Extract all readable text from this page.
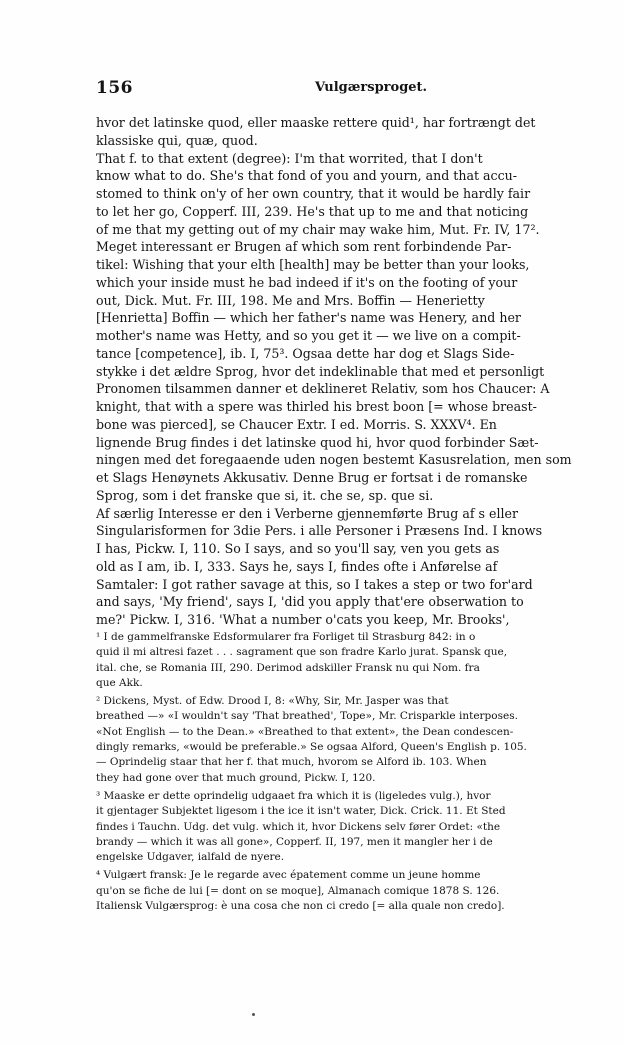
156	Vulgærsproget.
hvor det latinske quod, eller maaske rettere quid¹, har fortrængt det
klassiske qui, quæ, quod.
That f. to that extent (degree): I'm that worrited, that I don't
know what to do. She's that fond of you and yourn, and that accu-
stomed to think on'y of her own country, that it would be hardly fair
to let her go, Copperf. III, 239. He's that up to me and that noticing
of me that my getting out of my chair may wake him, Mut. Fr. IV, 17².
Meget interessant er Brugen af which som rent forbindende Par-
tikel: Wishing that your elth [health] may be better than your looks,
which your inside must he bad indeed if it's on the footing of your
out, Dick. Mut. Fr. III, 198. Me and Mrs. Boffin — Henerietty
[Henrietta] Boffin — which her father's name was Henery, and her
mother's name was Hetty, and so you get it — we live on a compit-
tance [competence], ib. I, 75³. Ogsaa dette har dog et Slags Side-
stykke i det ældre Sprog, hvor det indeklinable that med et personligt
Pronomen tilsammen danner et deklineret Relativ, som hos Chaucer: A
knight, that with a spere was thirled his brest boon [= whose breast-
bone was pierced], se Chaucer Extr. I ed. Morris. S. XXXV⁴. En
lignende Brug findes i det latinske quod hi, hvor quod forbinder Sæt-
ningen med det foregaaende uden nogen bestemt Kasusrelation, men som
et Slags Henøynets Akkusativ. Denne Brug er fortsat i de romanske
Sprog, som i det franske que si, it. che se, sp. que si.
Af særlig Interesse er den i Verberne gjennemførte Brug af s eller
Singularisformen for 3die Pers. i alle Personer i Præsens Ind. I knows
I has, Pickw. I, 110. So I says, and so you'll say, ven you gets as
old as I am, ib. I, 333. Says he, says I, findes ofte i Anførelse af
Samtaler: I got rather savage at this, so I takes a step or two for'ard
and says, 'My friend', says I, 'did you apply that'ere obserwation to
me?' Pickw. I, 316. 'What a number o'cats you keep, Mr. Brooks',
¹ I de gammelfranske Edsformularer fra Forliget til Strasburg 842: in o
quid il mi altresi fazet . . . sagrament que son fradre Karlo jurat. Spansk que,
ital. che, se Romania III, 290. Derimod adskiller Fransk nu qui Nom. fra
que Akk.
² Dickens, Myst. of Edw. Drood I, 8: «Why, Sir, Mr. Jasper was that
breathed —» «I wouldn't say 'That breathed', Tope», Mr. Crisparkle interposes.
«Not English — to the Dean.» «Breathed to that extent», the Dean condescen-
dingly remarks, «would be preferable.» Se ogsaa Alford, Queen's English p. 105.
— Oprindelig staar that her f. that much, hvorom se Alford ib. 103. When
they had gone over that much ground, Pickw. I, 120.
³ Maaske er dette oprindelig udgaaet fra which it is (ligeledes vulg.), hvor
it gjentager Subjektet ligesom i the ice it isn't water, Dick. Crick. 11. Et Sted
findes i Tauchn. Udg. det vulg. which it, hvor Dickens selv fører Ordet: «the
brandy — which it was all gone», Copperf. II, 197, men it mangler her i de
engelske Udgaver, ialfald de nyere.
⁴ Vulgært fransk: Je le regarde avec épatement comme un jeune homme
qu'on se fiche de lui [= dont on se moque], Almanach comique 1878 S. 126.
Italiensk Vulgærsprog: è una cosa che non ci credo [= alla quale non credo].
